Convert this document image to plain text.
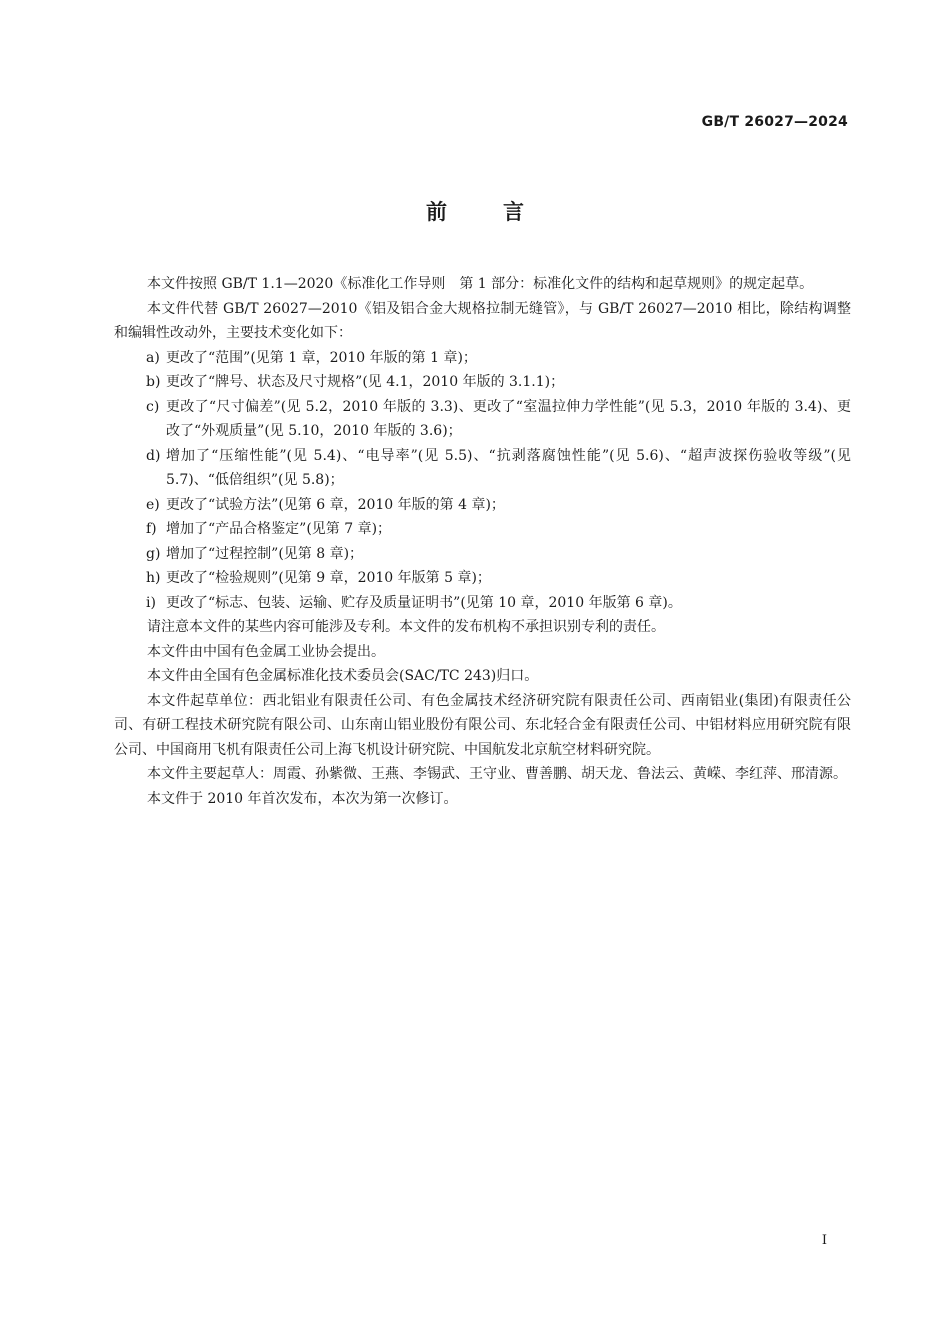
GB/T 26027—2024
前言

本文件按照 GB/T 1.1—2020《标准化工作导则　第 1 部分：标准化文件的结构和起草规则》的规定起草。

本文件代替 GB/T 26027—2010《铝及铝合金大规格拉制无缝管》，与 GB/T 26027—2010 相比，除结构调整和编辑性改动外，主要技术变化如下：

a) 更改了“范围”(见第 1 章，2010 年版的第 1 章)；
b) 更改了“牌号、状态及尺寸规格”(见 4.1，2010 年版的 3.1.1)；
c) 更改了“尺寸偏差”(见 5.2，2010 年版的 3.3)、更改了“室温拉伸力学性能”(见 5.3，2010 年版的 3.4)、更改了“外观质量”(见 5.10，2010 年版的 3.6)；
d) 增加了“压缩性能”(见 5.4)、“电导率”(见 5.5)、“抗剥落腐蚀性能”(见 5.6)、“超声波探伤验收等级”(见 5.7)、“低倍组织”(见 5.8)；
e) 更改了“试验方法”(见第 6 章，2010 年版的第 4 章)；
f) 增加了“产品合格鉴定”(见第 7 章)；
g) 增加了“过程控制”(见第 8 章)；
h) 更改了“检验规则”(见第 9 章，2010 年版第 5 章)；
i) 更改了“标志、包装、运输、贮存及质量证明书”(见第 10 章，2010 年版第 6 章)。

请注意本文件的某些内容可能涉及专利。本文件的发布机构不承担识别专利的责任。

本文件由中国有色金属工业协会提出。

本文件由全国有色金属标准化技术委员会(SAC/TC 243)归口。

本文件起草单位：西北铝业有限责任公司、有色金属技术经济研究院有限责任公司、西南铝业(集团)有限责任公司、有研工程技术研究院有限公司、山东南山铝业股份有限公司、东北轻合金有限责任公司、中铝材料应用研究院有限公司、中国商用飞机有限责任公司上海飞机设计研究院、中国航发北京航空材料研究院。

本文件主要起草人：周霞、孙紫微、王燕、李锡武、王守业、曹善鹏、胡天龙、鲁法云、黄嵘、李红萍、邢清源。

本文件于 2010 年首次发布，本次为第一次修订。

I
